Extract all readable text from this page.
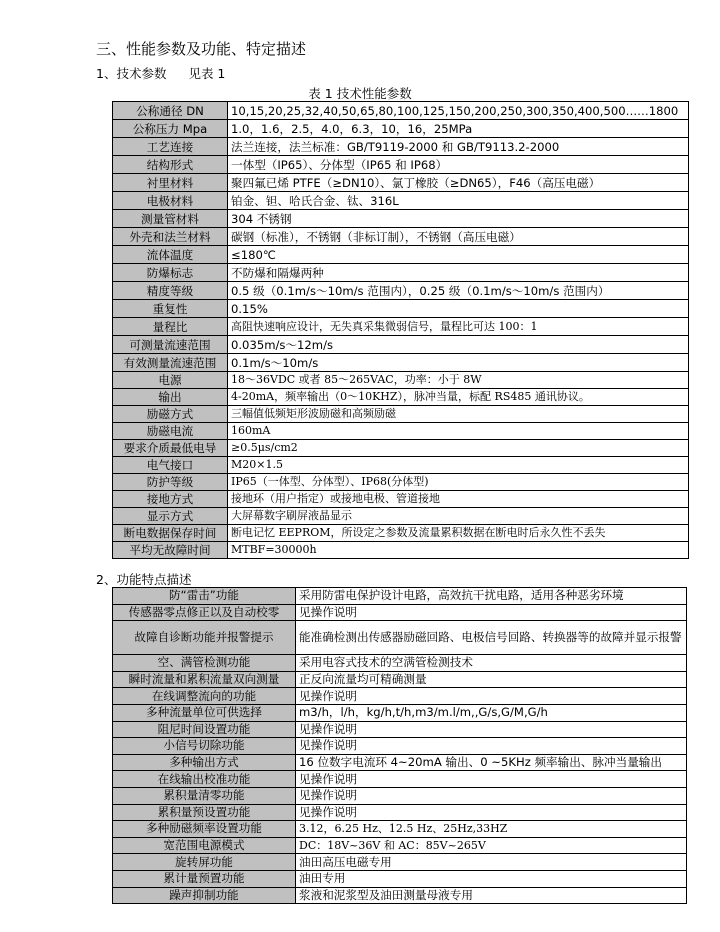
三、性能参数及功能、特定描述
1、技术参数 见表 1
表 1 技术性能参数
公称通径 DN	10,15,20,25,32,40,50,65,80,100,125,150,200,250,300,350,400,500……1800
公称压力 Mpa	1.0，1.6，2.5，4.0，6.3，10，16，25MPa
工艺连接	法兰连接，法兰标准：GB/T9119-2000 和 GB/T9113.2-2000
结构形式	一体型（IP65）、分体型（IP65 和 IP68）
衬里材料	聚四氟已烯 PTFE（≥DN10）、氯丁橡胶（≥DN65），F46（高压电磁）
电极材料	铂金、钽、哈氏合金、钛、316L
测量管材料	304 不锈钢
外壳和法兰材料	碳钢（标准），不锈钢（非标订制），不锈钢（高压电磁）
流体温度	≤180℃
防爆标志	不防爆和隔爆两种
精度等级	0.5 级（0.1m/s～10m/s 范围内），0.25 级（0.1m/s～10m/s 范围内）
重复性	0.15%
量程比	高阻快速响应设计，无失真采集微弱信号，量程比可达 100：1
可测量流速范围	0.035m/s～12m/s
有效测量流速范围	0.1m/s～10m/s
电源	18～36VDC 或者 85～265VAC，功率：小于 8W
输出	4-20mA，频率输出（0～10KHZ），脉冲当量，标配 RS485 通讯协议。
励磁方式	三幅值低频矩形波励磁和高频励磁
励磁电流	160mA
要求介质最低电导	≥0.5μs/cm2
电气接口	M20×1.5
防护等级	IP65（一体型、分体型）、IP68(分体型)
接地方式	接地环（用户指定）或接地电极、管道接地
显示方式	大屏幕数字刷屏液晶显示
断电数据保存时间	断电记忆 EEPROM，所设定之参数及流量累积数据在断电时后永久性不丢失
平均无故障时间	MTBF=30000h
2、功能特点描述
防“雷击”功能	采用防雷电保护设计电路，高效抗干扰电路，适用各种恶劣环境
传感器零点修正以及自动校零	见操作说明
故障自诊断功能并报警提示	能准确检测出传感器励磁回路、电极信号回路、转换器等的故障并显示报警
空、满管检测功能	采用电容式技术的空满管检测技术
瞬时流量和累积流量双向测量	正反向流量均可精确测量
在线调整流向的功能	见操作说明
多种流量单位可供选择	m3/h，l/h，kg/h,t/h,m3/m.l/m,,G/s,G/M,G/h
阻尼时间设置功能	见操作说明
小信号切除功能	见操作说明
多种输出方式	16 位数字电流环 4~20mA 输出、0 ~5KHz 频率输出、脉冲当量输出
在线输出校准功能	见操作说明
累积量清零功能	见操作说明
累积量预设置功能	见操作说明
多种励磁频率设置功能	3.12，6.25 Hz、12.5 Hz、25Hz,33HZ
宽范围电源模式	DC：18V~36V 和 AC：85V~265V
旋转屏功能	油田高压电磁专用
累计量预置功能	油田专用
躁声抑制功能	浆液和泥浆型及油田测量母液专用
